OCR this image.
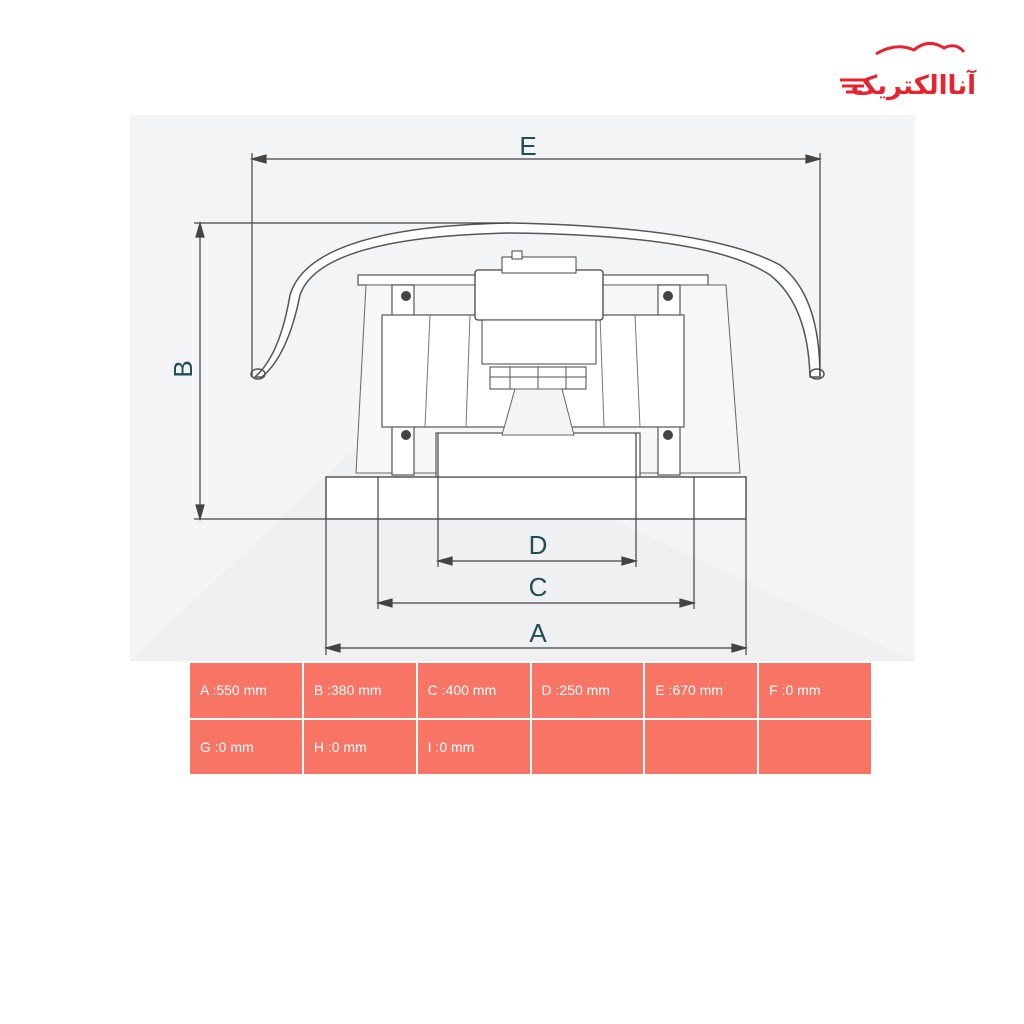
آناالکتریک
E
B
D
C
A
A :550 mm	B :380 mm	C :400 mm	D :250 mm	E :670 mm	F :0 mm
G :0 mm	H :0 mm	I :0 mm
